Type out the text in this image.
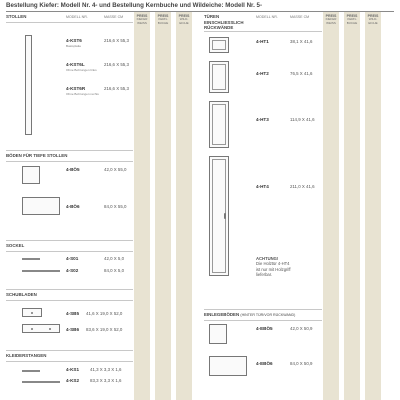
Bestellung Kiefer: Modell Nr. 4- und Bestellung Kernbuche und Wildeiche: Modell Nr. 5-
PREIS
KIEFER
WEISS
PREIS
KERN-
BUCHE
PREIS
WILD-
EICHE
PREIS
KIEFER
WEISS
PREIS
KERN-
BUCHE
PREIS
WILD-
EICHE
STOLLEN	MODELL NR.	MASSE CM
4-KST6	216,6 X 55,3
Basisplatte
4-KST6L	216,6 X 55,3
Ohne Bohrungen links
4-KST6R	216,6 X 55,3
Ohne Bohrungen rechts
BÖDEN FÜR TIEFE STOLLEN
4-BÖ5	42,0 X 55,0
4-BÖ6	84,0 X 55,0
SOCKEL
4-S01	42,0 X 5,0
4-S02	84,0 X 5,0
SCHUBLADEN
4-SB5 41,6 X 19,0 X 52,0
4-SB6 83,6 X 19,0 X 52,0
KLEIDERSTANGEN
4-KS1 41,3 X 3,3 X 1,6
4-KS2 83,3 X 3,3 X 1,6
TÜREN
EINSCHLIESSLICH
RÜCKWÄNDE
MODELL NR.	MASSE CM
4-HT1	38,1 X 41,6
4-HT2	76,5 X 41,6
4-HT3	114,9 X 41,6
4-HT4	211,0 X 41,6
ACHTUNG!
Die Holztür 4-HT4
ist nur mit Holzgriff
lieferbar.
EINLEGEBÖDEN (HINTER TÜR/VOR RÜCKWAND)
4-EBÖ5	42,0 X 50,9
4-EBÖ6	84,0 X 50,9
